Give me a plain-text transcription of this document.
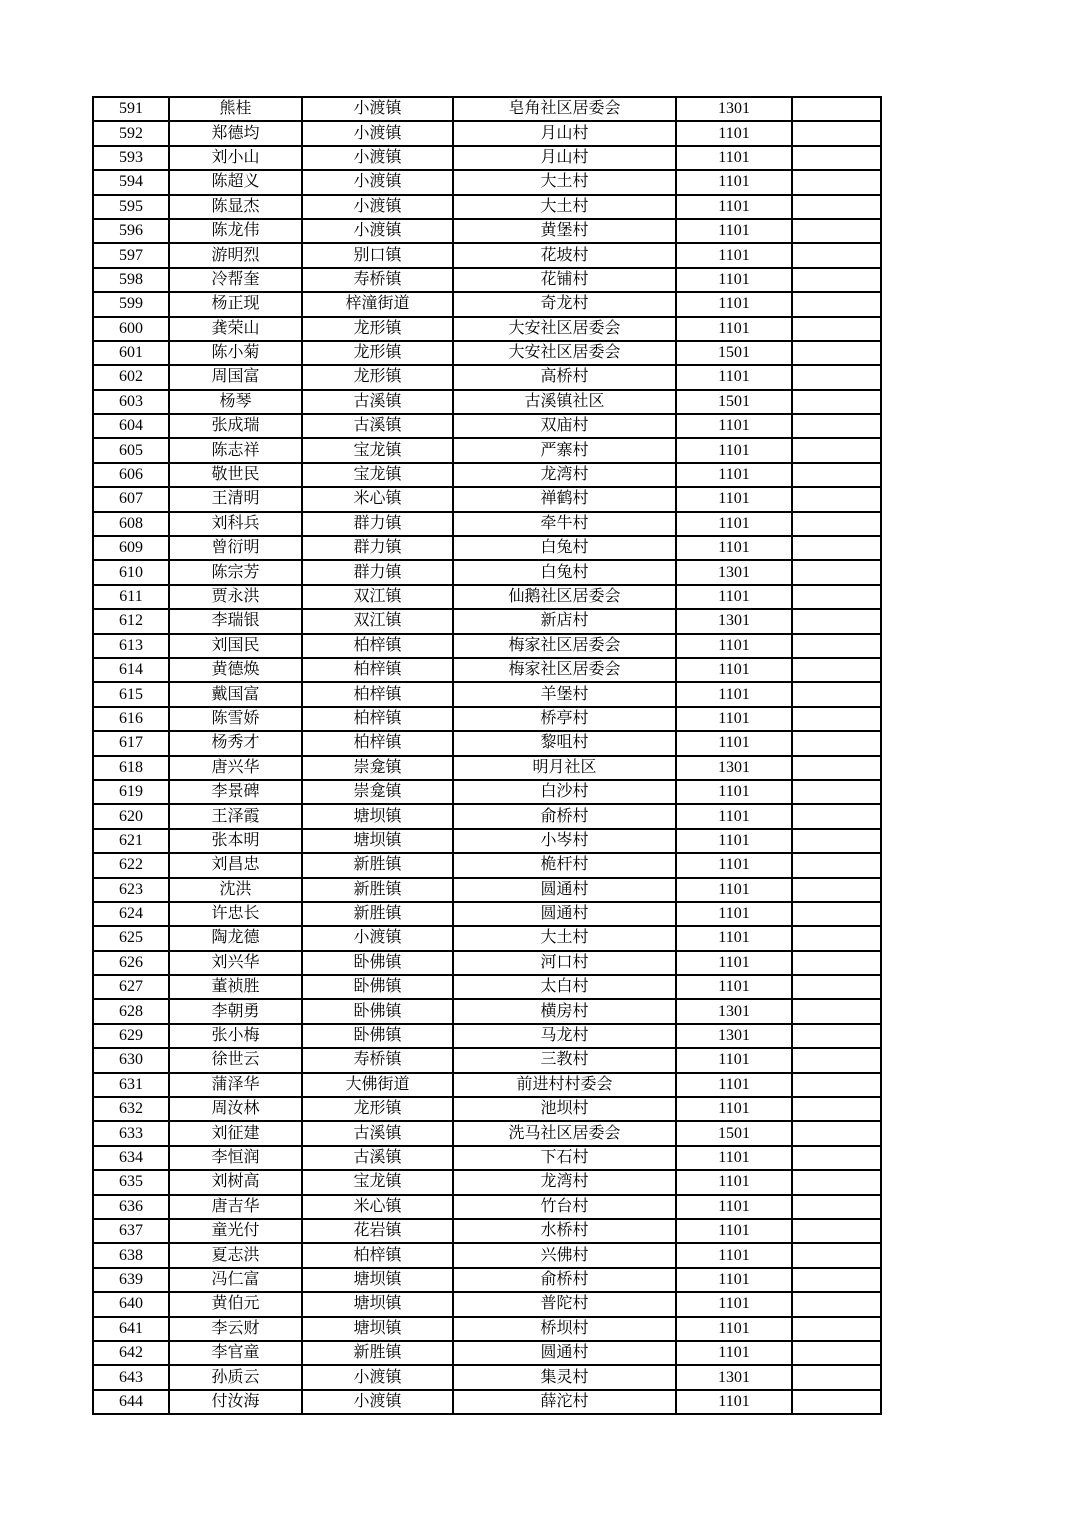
591	熊桂	小渡镇	皂角社区居委会	1301	
592	郑德均	小渡镇	月山村	1101	
593	刘小山	小渡镇	月山村	1101	
594	陈超义	小渡镇	大土村	1101	
595	陈显杰	小渡镇	大土村	1101	
596	陈龙伟	小渡镇	黄堡村	1101	
597	游明烈	别口镇	花坡村	1101	
598	冷帮奎	寿桥镇	花铺村	1101	
599	杨正现	梓潼街道	奇龙村	1101	
600	龚荣山	龙形镇	大安社区居委会	1101	
601	陈小菊	龙形镇	大安社区居委会	1501	
602	周国富	龙形镇	高桥村	1101	
603	杨琴	古溪镇	古溪镇社区	1501	
604	张成瑞	古溪镇	双庙村	1101	
605	陈志祥	宝龙镇	严寨村	1101	
606	敬世民	宝龙镇	龙湾村	1101	
607	王清明	米心镇	禅鹤村	1101	
608	刘科兵	群力镇	牵牛村	1101	
609	曾衍明	群力镇	白兔村	1101	
610	陈宗芳	群力镇	白兔村	1301	
611	贾永洪	双江镇	仙鹅社区居委会	1101	
612	李瑞银	双江镇	新店村	1301	
613	刘国民	柏梓镇	梅家社区居委会	1101	
614	黄德焕	柏梓镇	梅家社区居委会	1101	
615	戴国富	柏梓镇	羊堡村	1101	
616	陈雪娇	柏梓镇	桥亭村	1101	
617	杨秀才	柏梓镇	黎咀村	1101	
618	唐兴华	崇龛镇	明月社区	1301	
619	李景碑	崇龛镇	白沙村	1101	
620	王泽霞	塘坝镇	俞桥村	1101	
621	张本明	塘坝镇	小岑村	1101	
622	刘昌忠	新胜镇	桅杆村	1101	
623	沈洪	新胜镇	圆通村	1101	
624	许忠长	新胜镇	圆通村	1101	
625	陶龙德	小渡镇	大土村	1101	
626	刘兴华	卧佛镇	河口村	1101	
627	董祯胜	卧佛镇	太白村	1101	
628	李朝勇	卧佛镇	横房村	1301	
629	张小梅	卧佛镇	马龙村	1301	
630	徐世云	寿桥镇	三教村	1101	
631	蒲泽华	大佛街道	前进村村委会	1101	
632	周汝林	龙形镇	池坝村	1101	
633	刘征建	古溪镇	洗马社区居委会	1501	
634	李恒润	古溪镇	下石村	1101	
635	刘树高	宝龙镇	龙湾村	1101	
636	唐吉华	米心镇	竹台村	1101	
637	童光付	花岩镇	水桥村	1101	
638	夏志洪	柏梓镇	兴佛村	1101	
639	冯仁富	塘坝镇	俞桥村	1101	
640	黄伯元	塘坝镇	普陀村	1101	
641	李云财	塘坝镇	桥坝村	1101	
642	李官童	新胜镇	圆通村	1101	
643	孙质云	小渡镇	集灵村	1301	
644	付汝海	小渡镇	薛沱村	1101	
